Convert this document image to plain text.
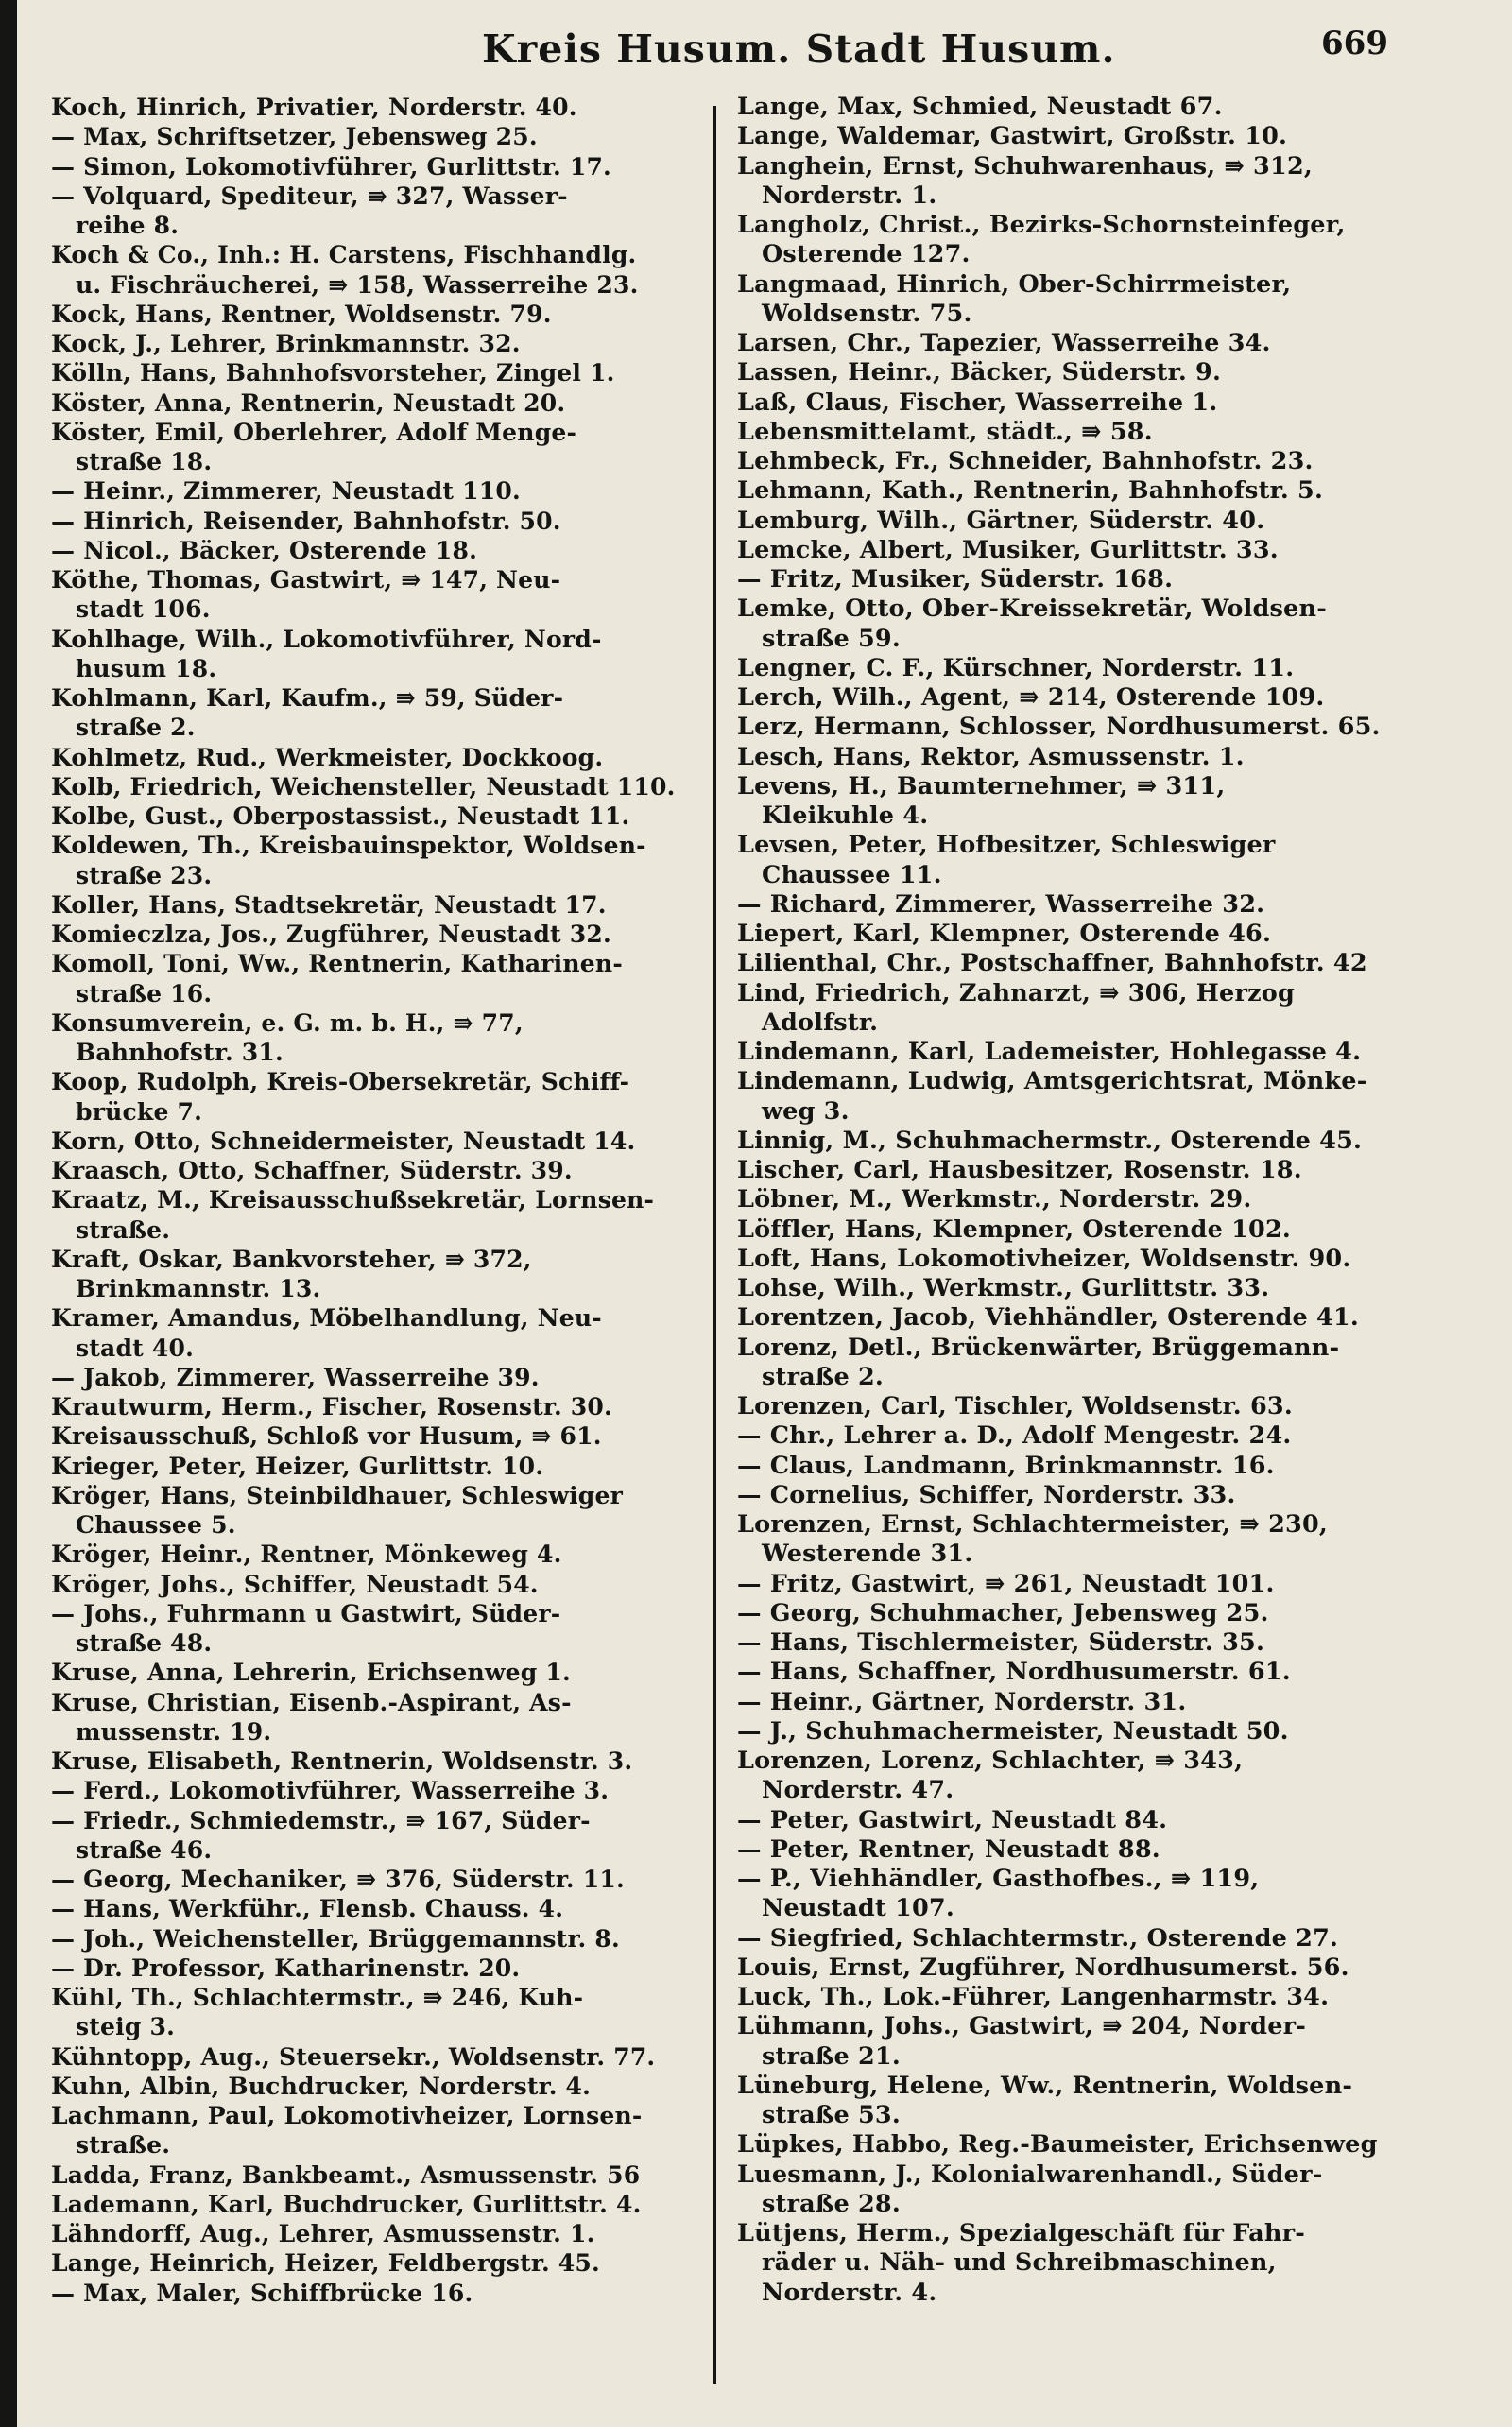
Kreis Husum. Stadt Husum.	669
Koch, Hinrich, Privatier, Norderstr. 40.
— Max, Schriftsetzer, Jebensweg 25.
— Simon, Lokomotivführer, Gurlittstr. 17.
— Volquard, Spediteur, ⇛ 327, Wasser-
reihe 8.
Koch & Co., Inh.: H. Carstens, Fischhandlg.
u. Fischräucherei, ⇛ 158, Wasserreihe 23.
Kock, Hans, Rentner, Woldsenstr. 79.
Kock, J., Lehrer, Brinkmannstr. 32.
Kölln, Hans, Bahnhofsvorsteher, Zingel 1.
Köster, Anna, Rentnerin, Neustadt 20.
Köster, Emil, Oberlehrer, Adolf Menge-
straße 18.
— Heinr., Zimmerer, Neustadt 110.
— Hinrich, Reisender, Bahnhofstr. 50.
— Nicol., Bäcker, Osterende 18.
Köthe, Thomas, Gastwirt, ⇛ 147, Neu-
stadt 106.
Kohlhage, Wilh., Lokomotivführer, Nord-
husum 18.
Kohlmann, Karl, Kaufm., ⇛ 59, Süder-
straße 2.
Kohlmetz, Rud., Werkmeister, Dockkoog.
Kolb, Friedrich, Weichensteller, Neustadt 110.
Kolbe, Gust., Oberpostassist., Neustadt 11.
Koldewen, Th., Kreisbauinspektor, Woldsen-
straße 23.
Koller, Hans, Stadtsekretär, Neustadt 17.
Komieczlza, Jos., Zugführer, Neustadt 32.
Komoll, Toni, Ww., Rentnerin, Katharinen-
straße 16.
Konsumverein, e. G. m. b. H., ⇛ 77,
Bahnhofstr. 31.
Koop, Rudolph, Kreis-Obersekretär, Schiff-
brücke 7.
Korn, Otto, Schneidermeister, Neustadt 14.
Kraasch, Otto, Schaffner, Süderstr. 39.
Kraatz, M., Kreisausschußsekretär, Lornsen-
straße.
Kraft, Oskar, Bankvorsteher, ⇛ 372,
Brinkmannstr. 13.
Kramer, Amandus, Möbelhandlung, Neu-
stadt 40.
— Jakob, Zimmerer, Wasserreihe 39.
Krautwurm, Herm., Fischer, Rosenstr. 30.
Kreisausschuß, Schloß vor Husum, ⇛ 61.
Krieger, Peter, Heizer, Gurlittstr. 10.
Kröger, Hans, Steinbildhauer, Schleswiger
Chaussee 5.
Kröger, Heinr., Rentner, Mönkeweg 4.
Kröger, Johs., Schiffer, Neustadt 54.
— Johs., Fuhrmann u Gastwirt, Süder-
straße 48.
Kruse, Anna, Lehrerin, Erichsenweg 1.
Kruse, Christian, Eisenb.-Aspirant, As-
mussenstr. 19.
Kruse, Elisabeth, Rentnerin, Woldsenstr. 3.
— Ferd., Lokomotivführer, Wasserreihe 3.
— Friedr., Schmiedemstr., ⇛ 167, Süder-
straße 46.
— Georg, Mechaniker, ⇛ 376, Süderstr. 11.
— Hans, Werkführ., Flensb. Chauss. 4.
— Joh., Weichensteller, Brüggemannstr. 8.
— Dr. Professor, Katharinenstr. 20.
Kühl, Th., Schlachtermstr., ⇛ 246, Kuh-
steig 3.
Kühntopp, Aug., Steuersekr., Woldsenstr. 77.
Kuhn, Albin, Buchdrucker, Norderstr. 4.
Lachmann, Paul, Lokomotivheizer, Lornsen-
straße.
Ladda, Franz, Bankbeamt., Asmussenstr. 56
Lademann, Karl, Buchdrucker, Gurlittstr. 4.
Lähndorff, Aug., Lehrer, Asmussenstr. 1.
Lange, Heinrich, Heizer, Feldbergstr. 45.
— Max, Maler, Schiffbrücke 16.
Lange, Max, Schmied, Neustadt 67.
Lange, Waldemar, Gastwirt, Großstr. 10.
Langhein, Ernst, Schuhwarenhaus, ⇛ 312,
Norderstr. 1.
Langholz, Christ., Bezirks-Schornsteinfeger,
Osterende 127.
Langmaad, Hinrich, Ober-Schirrmeister,
Woldsenstr. 75.
Larsen, Chr., Tapezier, Wasserreihe 34.
Lassen, Heinr., Bäcker, Süderstr. 9.
Laß, Claus, Fischer, Wasserreihe 1.
Lebensmittelamt, städt., ⇛ 58.
Lehmbeck, Fr., Schneider, Bahnhofstr. 23.
Lehmann, Kath., Rentnerin, Bahnhofstr. 5.
Lemburg, Wilh., Gärtner, Süderstr. 40.
Lemcke, Albert, Musiker, Gurlittstr. 33.
— Fritz, Musiker, Süderstr. 168.
Lemke, Otto, Ober-Kreissekretär, Woldsen-
straße 59.
Lengner, C. F., Kürschner, Norderstr. 11.
Lerch, Wilh., Agent, ⇛ 214, Osterende 109.
Lerz, Hermann, Schlosser, Nordhusumerst. 65.
Lesch, Hans, Rektor, Asmussenstr. 1.
Levens, H., Baumternehmer, ⇛ 311,
Kleikuhle 4.
Levsen, Peter, Hofbesitzer, Schleswiger
Chaussee 11.
— Richard, Zimmerer, Wasserreihe 32.
Liepert, Karl, Klempner, Osterende 46.
Lilienthal, Chr., Postschaffner, Bahnhofstr. 42
Lind, Friedrich, Zahnarzt, ⇛ 306, Herzog
Adolfstr.
Lindemann, Karl, Lademeister, Hohlegasse 4.
Lindemann, Ludwig, Amtsgerichtsrat, Mönke-
weg 3.
Linnig, M., Schuhmachermstr., Osterende 45.
Lischer, Carl, Hausbesitzer, Rosenstr. 18.
Löbner, M., Werkmstr., Norderstr. 29.
Löffler, Hans, Klempner, Osterende 102.
Loft, Hans, Lokomotivheizer, Woldsenstr. 90.
Lohse, Wilh., Werkmstr., Gurlittstr. 33.
Lorentzen, Jacob, Viehhändler, Osterende 41.
Lorenz, Detl., Brückenwärter, Brüggemann-
straße 2.
Lorenzen, Carl, Tischler, Woldsenstr. 63.
— Chr., Lehrer a. D., Adolf Mengestr. 24.
— Claus, Landmann, Brinkmannstr. 16.
— Cornelius, Schiffer, Norderstr. 33.
Lorenzen, Ernst, Schlachtermeister, ⇛ 230,
Westerende 31.
— Fritz, Gastwirt, ⇛ 261, Neustadt 101.
— Georg, Schuhmacher, Jebensweg 25.
— Hans, Tischlermeister, Süderstr. 35.
— Hans, Schaffner, Nordhusumerstr. 61.
— Heinr., Gärtner, Norderstr. 31.
— J., Schuhmachermeister, Neustadt 50.
Lorenzen, Lorenz, Schlachter, ⇛ 343,
Norderstr. 47.
— Peter, Gastwirt, Neustadt 84.
— Peter, Rentner, Neustadt 88.
— P., Viehhändler, Gasthofbes., ⇛ 119,
Neustadt 107.
— Siegfried, Schlachtermstr., Osterende 27.
Louis, Ernst, Zugführer, Nordhusumerst. 56.
Luck, Th., Lok.-Führer, Langenharmstr. 34.
Lühmann, Johs., Gastwirt, ⇛ 204, Norder-
straße 21.
Lüneburg, Helene, Ww., Rentnerin, Woldsen-
straße 53.
Lüpkes, Habbo, Reg.-Baumeister, Erichsenweg
Luesmann, J., Kolonialwarenhandl., Süder-
straße 28.
Lütjens, Herm., Spezialgeschäft für Fahr-
räder u. Näh- und Schreibmaschinen,
Norderstr. 4.
